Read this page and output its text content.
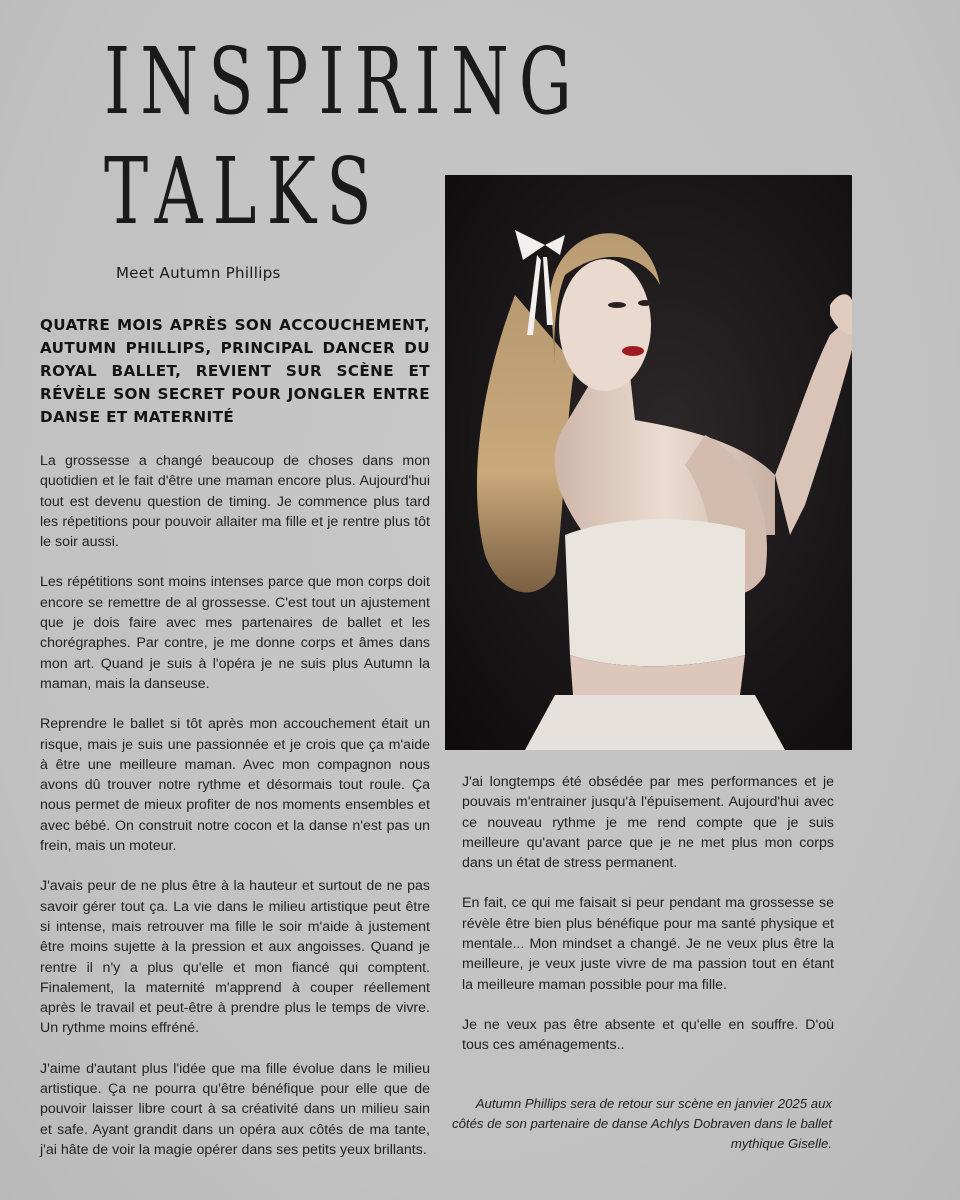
INSPIRING
TALKS
Meet Autumn Phillips
QUATRE MOIS APRÈS SON ACCOUCHEMENT, AUTUMN PHILLIPS, PRINCIPAL DANCER DU ROYAL BALLET, REVIENT SUR SCÈNE ET RÉVÈLE SON SECRET POUR JONGLER ENTRE DANSE ET MATERNITÉ

La grossesse a changé beaucoup de choses dans mon quotidien et le fait d'être une maman encore plus. Aujourd'hui tout est devenu question de timing. Je commence plus tard les répetitions pour pouvoir allaiter ma fille et je rentre plus tôt le soir aussi.

Les répétitions sont moins intenses parce que mon corps doit encore se remettre de al grossesse. C'est tout un ajustement que je dois faire avec mes partenaires de ballet et les chorégraphes. Par contre, je me donne corps et âmes dans mon art. Quand je suis à l'opéra je ne suis plus Autumn la maman, mais la danseuse.

Reprendre le ballet si tôt après mon accouchement était un risque, mais je suis une passionnée et je crois que ça m'aide à être une meilleure maman. Avec mon compagnon nous avons dû trouver notre rythme et désormais tout roule. Ça nous permet de mieux profiter de nos moments ensembles et avec bébé. On construit notre cocon et la danse n'est pas un frein, mais un moteur.

J'avais peur de ne plus être à la hauteur et surtout de ne pas savoir gérer tout ça. La vie dans le milieu artistique peut être si intense, mais retrouver ma fille le soir m'aide à justement être moins sujette à la pression et aux angoisses. Quand je rentre il n'y a plus qu'elle et mon fiancé qui comptent. Finalement, la maternité m'apprend à couper réellement après le travail et peut-être à prendre plus le temps de vivre. Un rythme moins effréné.

J'aime d'autant plus l'idée que ma fille évolue dans le milieu artistique. Ça ne pourra qu'être bénéfique pour elle que de pouvoir laisser libre court à sa créativité dans un milieu sain et safe. Ayant grandit dans un opéra aux côtés de ma tante, j'ai hâte de voir la magie opérer dans ses petits yeux brillants.

J'ai longtemps été obsédée par mes performances et je pouvais m'entrainer jusqu'à l'épuisement. Aujourd'hui avec ce nouveau rythme je me rend compte que je suis meilleure qu'avant parce que je ne met plus mon corps dans un état de stress permanent.

En fait, ce qui me faisait si peur pendant ma grossesse se révèle être bien plus bénéfique pour ma santé physique et mentale... Mon mindset a changé. Je ne veux plus être la meilleure, je veux juste vivre de ma passion tout en étant la meilleure maman possible pour ma fille.

Je ne veux pas être absente et qu'elle en souffre. D'où tous ces aménagements..

Autumn Phillips sera de retour sur scène en janvier 2025 aux côtés de son partenaire de danse Achlys Dobraven dans le ballet mythique Giselle.
